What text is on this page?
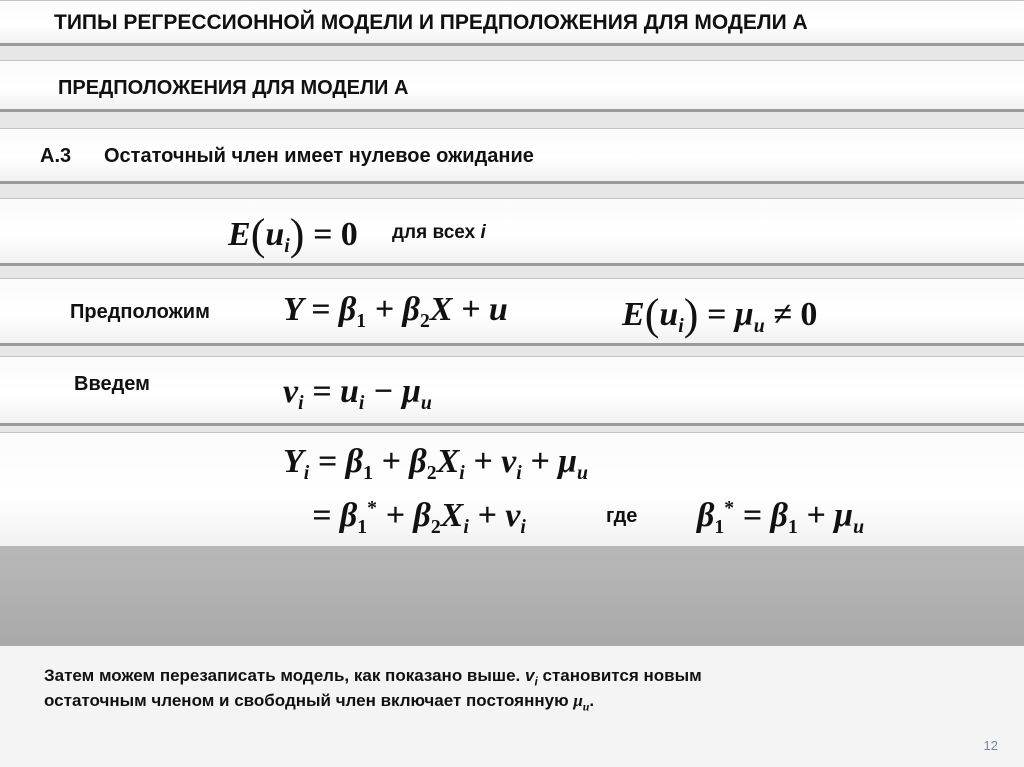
ТИПЫ РЕГРЕССИОННОЙ МОДЕЛИ И ПРЕДПОЛОЖЕНИЯ ДЛЯ МОДЕЛИ А
ПРЕДПОЛОЖЕНИЯ ДЛЯ МОДЕЛИ А
А.3 Остаточный член имеет нулевое ожидание
$E(u_i) = 0$ для всех i
Предположим $Y = \beta_1 + \beta_2X + u$	$E(u_i) = \mu_u \ne 0$
Введем	$v_i = u_i - \mu_u$
$Y_i = \beta_1 + \beta_2X_i + v_i + \mu_u$
= $\beta_1^* + \beta_2X_i + v_i$	где $\beta_1^* = \beta_1 + \mu_u$
Затем можем перезаписать модель, как показано выше. $v_i$ становится новым
остаточным членом и свободный член включает постоянную $\mu_u$.
12
